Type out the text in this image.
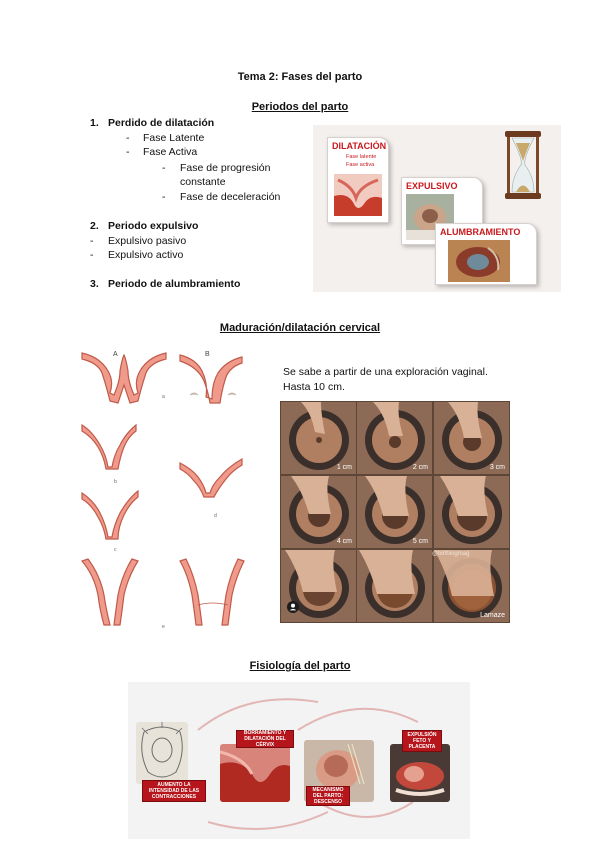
Tema 2: Fases del parto
Periodos del parto
1. Perdido de dilatación
- Fase Latente
- Fase Activa
- Fase de progresión
constante
- Fase de deceleración
2. Periodo expulsivo
- Expulsivo pasivo
- Expulsivo activo
3. Periodo de alumbramiento
DILATACIÓN
Fase latente
Fase activa
EXPULSIVO
ALUMBRAMIENTO
Maduración/dilatación cervical
A	B
a
b
c
d
e
Se sabe a partir de una exploración vaginal.
Hasta 10 cm.
1 cm	2 cm	3 cm
4 cm	5 cm
Lamaze
@birthingmag
Fisiología del parto
AUMENTO LA INTENSIDAD DE LAS CONTRACCIONES
BORRAMIENTO Y DILATACIÓN DEL CÉRVIX
MECANISMO DEL PARTO: DESCENSO
EXPULSIÓN FETO Y PLACENTA
